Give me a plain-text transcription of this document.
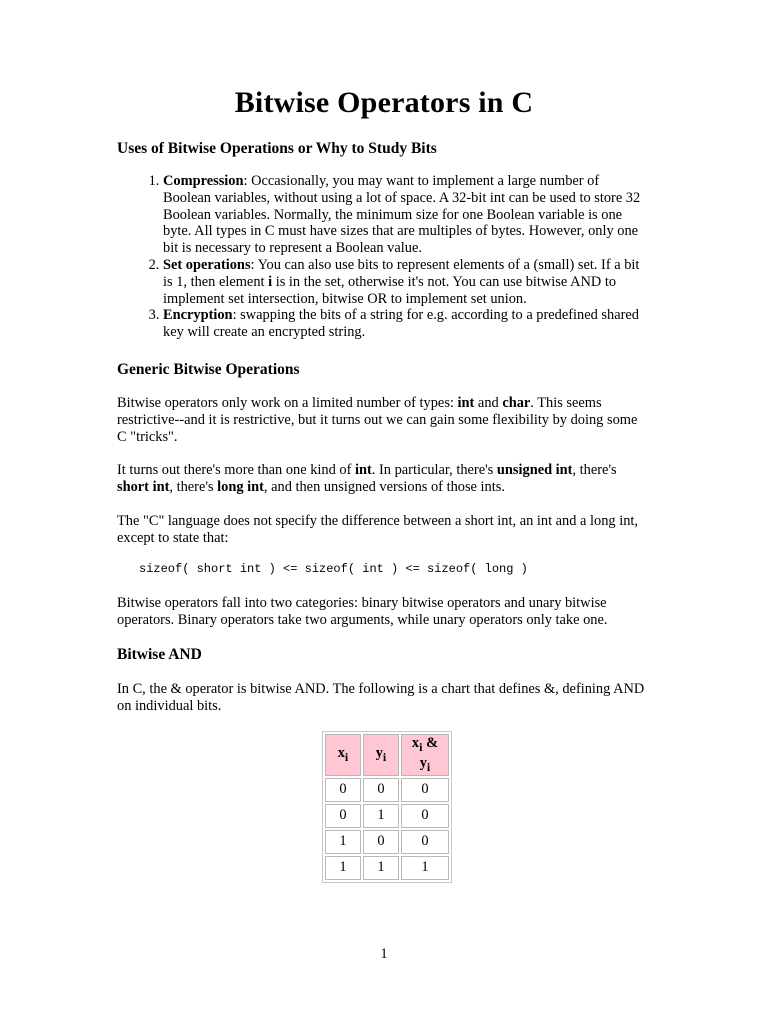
Bitwise Operators in C
Uses of Bitwise Operations or Why to Study Bits
1. Compression: Occasionally, you may want to implement a large number of Boolean variables, without using a lot of space. A 32-bit int can be used to store 32 Boolean variables. Normally, the minimum size for one Boolean variable is one byte. All types in C must have sizes that are multiples of bytes. However, only one bit is necessary to represent a Boolean value.
2. Set operations: You can also use bits to represent elements of a (small) set. If a bit is 1, then element i is in the set, otherwise it's not. You can use bitwise AND to implement set intersection, bitwise OR to implement set union.
3. Encryption: swapping the bits of a string for e.g. according to a predefined shared key will create an encrypted string.
Generic Bitwise Operations

Bitwise operators only work on a limited number of types: int and char. This seems restrictive--and it is restrictive, but it turns out we can gain some flexibility by doing some C "tricks".

It turns out there's more than one kind of int. In particular, there's unsigned int, there's short int, there's long int, and then unsigned versions of those ints.

The "C" language does not specify the difference between a short int, an int and a long int, except to state that:

sizeof( short int ) <= sizeof( int ) <= sizeof( long )

Bitwise operators fall into two categories: binary bitwise operators and unary bitwise operators. Binary operators take two arguments, while unary operators only take one.

Bitwise AND

In C, the & operator is bitwise AND. The following is a chart that defines &, defining AND on individual bits.

$x_i$	$y_i$	$x_i$ & $y_i$
0	0	0
0	1	0
1	0	0
1	1	1
1
